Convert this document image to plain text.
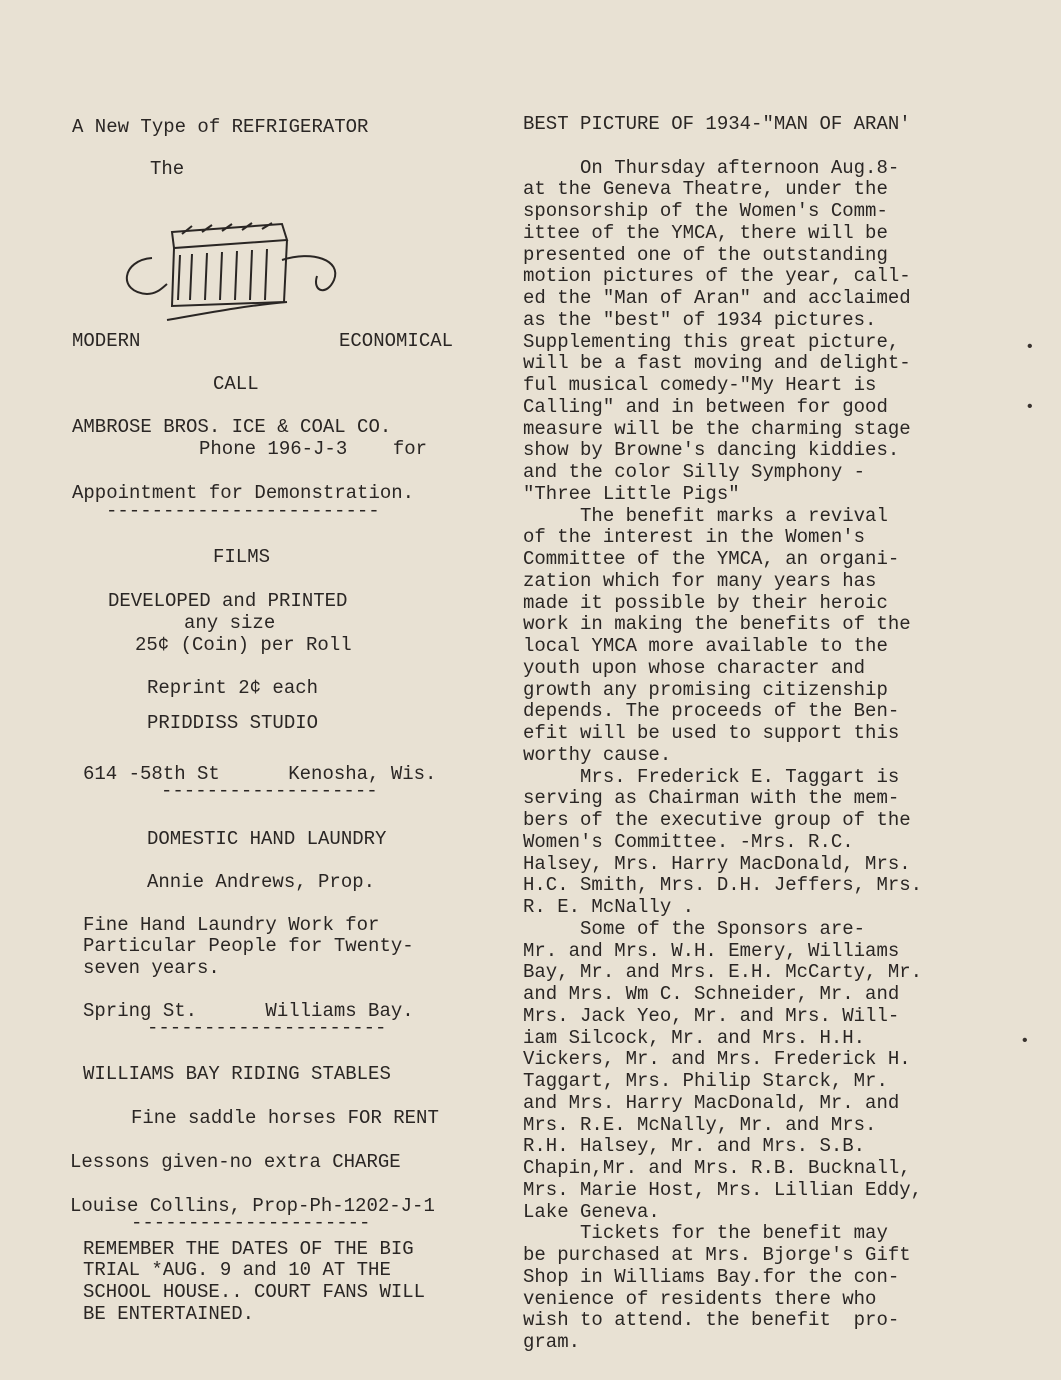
A New Type of REFRIGERATOR
The
Coolerator
MODERN	ECONOMICAL
CALL
AMBROSE BROS. ICE & COAL CO.
Phone 196-J-3    for
Appointment for Demonstration.
------------------------
FILMS
DEVELOPED and PRINTED
any size
25¢ (Coin) per Roll
Reprint 2¢ each
PRIDDISS STUDIO
614 -58th St      Kenosha, Wis.
-------------------
DOMESTIC HAND LAUNDRY
Annie Andrews, Prop.
Fine Hand Laundry Work for
Particular People for Twenty-
seven years.
Spring St.      Williams Bay.
---------------------
WILLIAMS BAY RIDING STABLES
Fine saddle horses FOR RENT
Lessons given-no extra CHARGE
Louise Collins, Prop-Ph-1202-J-1
---------------------
REMEMBER THE DATES OF THE BIG
TRIAL *AUG. 9 and 10 AT THE
SCHOOL HOUSE.. COURT FANS WILL
BE ENTERTAINED.
BEST PICTURE OF 1934-"MAN OF ARAN'
On Thursday afternoon Aug.8-
at the Geneva Theatre, under the
sponsorship of the Women's Comm-
ittee of the YMCA, there will be
presented one of the outstanding
motion pictures of the year, call-
ed the "Man of Aran" and acclaimed
as the "best" of 1934 pictures.
Supplementing this great picture,
will be a fast moving and delight-
ful musical comedy-"My Heart is
Calling" and in between for good
measure will be the charming stage
show by Browne's dancing kiddies.
and the color Silly Symphony -
"Three Little Pigs"
The benefit marks a revival
of the interest in the Women's
Committee of the YMCA, an organi-
zation which for many years has
made it possible by their heroic
work in making the benefits of the
local YMCA more available to the
youth upon whose character and
growth any promising citizenship
depends. The proceeds of the Ben-
efit will be used to support this
worthy cause.
Mrs. Frederick E. Taggart is
serving as Chairman with the mem-
bers of the executive group of the
Women's Committee. -Mrs. R.C.
Halsey, Mrs. Harry MacDonald, Mrs.
H.C. Smith, Mrs. D.H. Jeffers, Mrs.
R. E. McNally .
Some of the Sponsors are-
Mr. and Mrs. W.H. Emery, Williams
Bay, Mr. and Mrs. E.H. McCarty, Mr.
and Mrs. Wm C. Schneider, Mr. and
Mrs. Jack Yeo, Mr. and Mrs. Will-
iam Silcock, Mr. and Mrs. H.H.
Vickers, Mr. and Mrs. Frederick H.
Taggart, Mrs. Philip Starck, Mr.
and Mrs. Harry MacDonald, Mr. and
Mrs. R.E. McNally, Mr. and Mrs.
R.H. Halsey, Mr. and Mrs. S.B.
Chapin,Mr. and Mrs. R.B. Bucknall,
Mrs. Marie Host, Mrs. Lillian Eddy,
Lake Geneva.
Tickets for the benefit may
be purchased at Mrs. Bjorge's Gift
Shop in Williams Bay.for the con-
venience of residents there who
wish to attend. the benefit  pro-
gram.
•
•
•
